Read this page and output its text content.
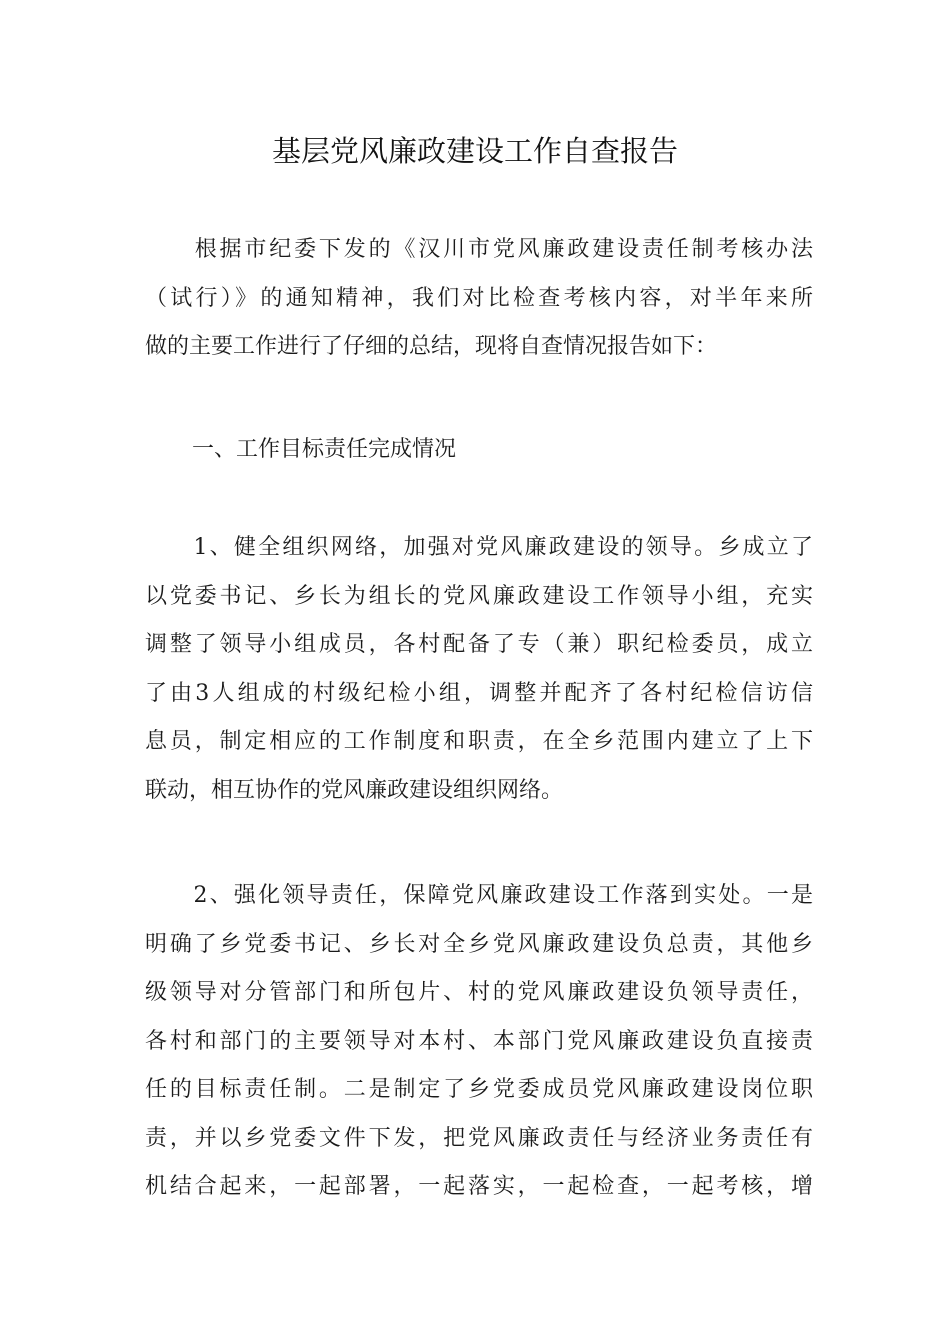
基层党风廉政建设工作自查报告
　　根据市纪委下发的《汉川市党风廉政建设责任制考核办法
（试行）》的通知精神，我们对比检查考核内容，对半年来所
做的主要工作进行了仔细的总结，现将自查情况报告如下：
一、工作目标责任完成情况
　　1、健全组织网络，加强对党风廉政建设的领导。乡成立了
以党委书记、乡长为组长的党风廉政建设工作领导小组，充实
调整了领导小组成员，各村配备了专（兼）职纪检委员，成立
了由3人组成的村级纪检小组，调整并配齐了各村纪检信访信
息员，制定相应的工作制度和职责，在全乡范围内建立了上下
联动，相互协作的党风廉政建设组织网络。
　　2、强化领导责任，保障党风廉政建设工作落到实处。一是
明确了乡党委书记、乡长对全乡党风廉政建设负总责，其他乡
级领导对分管部门和所包片、村的党风廉政建设负领导责任，
各村和部门的主要领导对本村、本部门党风廉政建设负直接责
任的目标责任制。二是制定了乡党委成员党风廉政建设岗位职
责，并以乡党委文件下发，把党风廉政责任与经济业务责任有
机结合起来，一起部署，一起落实，一起检查，一起考核，增
